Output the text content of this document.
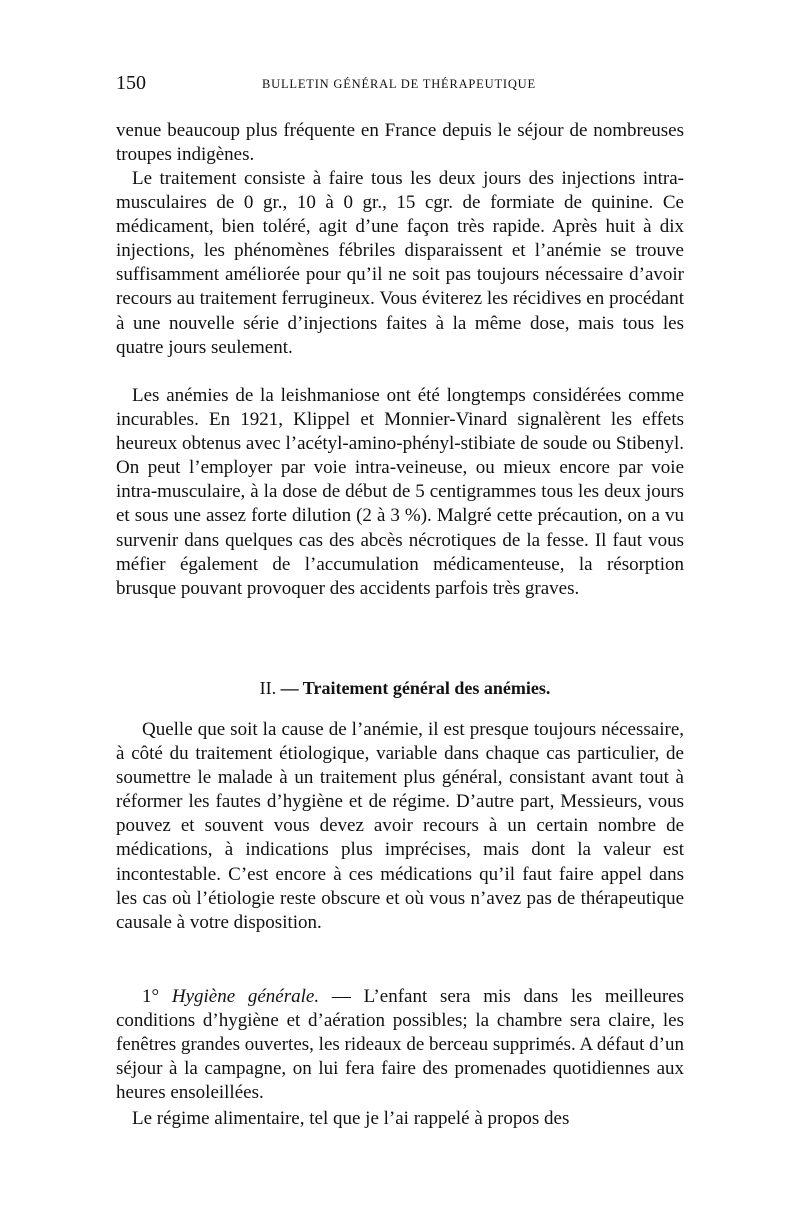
150	BULLETIN GÉNÉRAL DE THÉRAPEUTIQUE

venue beaucoup plus fréquente en France depuis le séjour de nombreuses troupes indigènes.

Le traitement consiste à faire tous les deux jours des injections intra-musculaires de 0 gr., 10 à 0 gr., 15 cgr. de formiate de quinine. Ce médicament, bien toléré, agit d’une façon très rapide. Après huit à dix injections, les phénomènes fébriles disparaissent et l’anémie se trouve suffisamment améliorée pour qu’il ne soit pas toujours nécessaire d’avoir recours au traitement ferrugineux. Vous éviterez les récidives en procédant à une nouvelle série d’injections faites à la même dose, mais tous les quatre jours seulement.

Les anémies de la leishmaniose ont été longtemps considérées comme incurables. En 1921, Klippel et Monnier-Vinard signalèrent les effets heureux obtenus avec l’acétyl-amino-phényl-stibiate de soude ou Stibenyl. On peut l’employer par voie intra-veineuse, ou mieux encore par voie intra-musculaire, à la dose de début de 5 centigrammes tous les deux jours et sous une assez forte dilution (2 à 3 %). Malgré cette précaution, on a vu survenir dans quelques cas des abcès nécrotiques de la fesse. Il faut vous méfier également de l’accumulation médicamenteuse, la résorption brusque pouvant provoquer des accidents parfois très graves.

II. — Traitement général des anémies.

Quelle que soit la cause de l’anémie, il est presque toujours nécessaire, à côté du traitement étiologique, variable dans chaque cas particulier, de soumettre le malade à un traitement plus général, consistant avant tout à réformer les fautes d’hygiène et de régime. D’autre part, Messieurs, vous pouvez et souvent vous devez avoir recours à un certain nombre de médications, à indications plus imprécises, mais dont la valeur est incontestable. C’est encore à ces médications qu’il faut faire appel dans les cas où l’étiologie reste obscure et où vous n’avez pas de thérapeutique causale à votre disposition.

1° Hygiène générale. — L’enfant sera mis dans les meilleures conditions d’hygiène et d’aération possibles; la chambre sera claire, les fenêtres grandes ouvertes, les rideaux de berceau supprimés. A défaut d’un séjour à la campagne, on lui fera faire des promenades quotidiennes aux heures ensoleillées.

Le régime alimentaire, tel que je l’ai rappelé à propos des
